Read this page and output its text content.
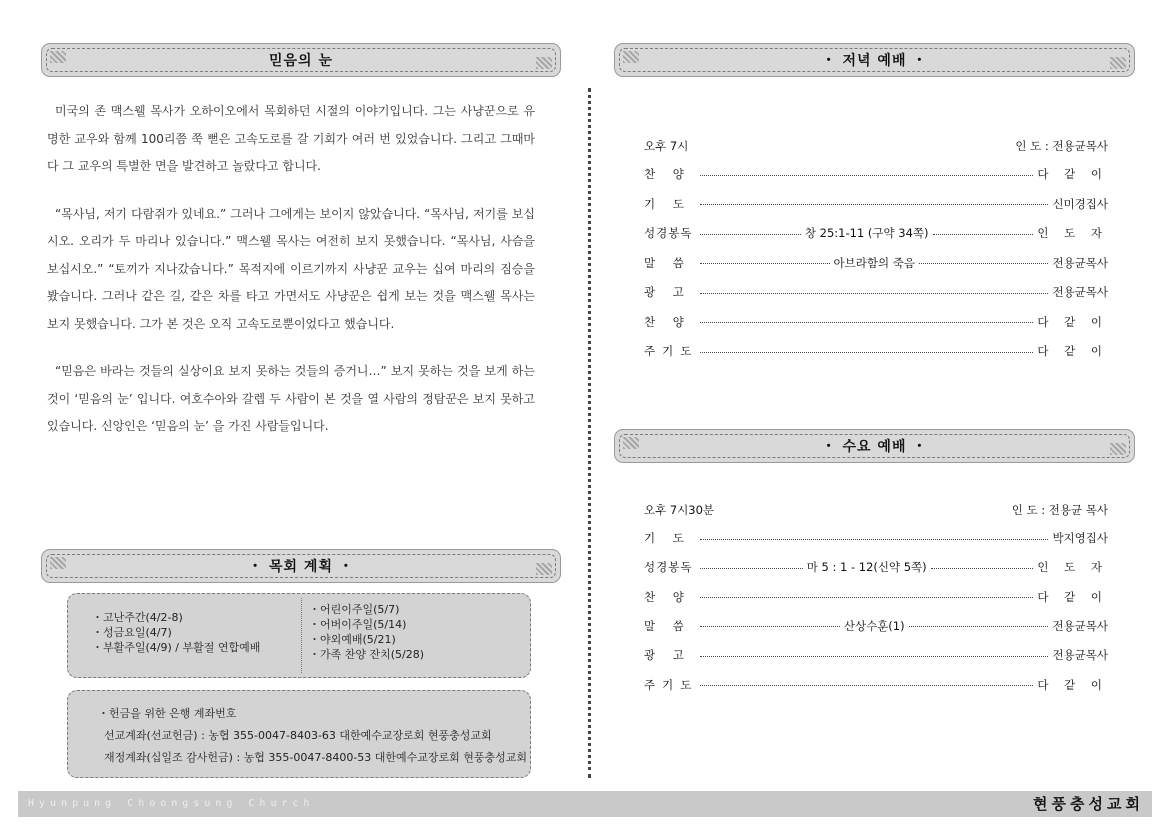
믿음의 눈

미국의 존 맥스웰 목사가 오하이오에서 목회하던 시절의 이야기입니다. 그는 사냥꾼으로 유명한 교우와 함께 100리쯤 쭉 뻗은 고속도로를 갈 기회가 여러 번 있었습니다. 그리고 그때마다 그 교우의 특별한 면을 발견하고 놀랐다고 합니다.

“목사님, 저기 다람쥐가 있네요.” 그러나 그에게는 보이지 않았습니다. “목사님, 저기를 보십시오. 오리가 두 마리나 있습니다.” 맥스웰 목사는 여전히 보지 못했습니다. “목사님, 사슴을 보십시오.” “토끼가 지나갔습니다.” 목적지에 이르기까지 사냥꾼 교우는 십여 마리의 짐승을 봤습니다. 그러나 같은 길, 같은 차를 타고 가면서도 사냥꾼은 쉽게 보는 것을 맥스웰 목사는 보지 못했습니다. 그가 본 것은 오직 고속도로뿐이었다고 했습니다.

“믿음은 바라는 것들의 실상이요 보지 못하는 것들의 증거니…” 보지 못하는 것을 보게 하는 것이 ‘믿음의 눈’ 입니다. 여호수아와 갈렙 두 사람이 본 것을 열 사람의 정탐꾼은 보지 못하고 있습니다. 신앙인은 ‘믿음의 눈’ 을 가진 사람들입니다.

・ 목회 계획 ・
・고난주간(4/2-8)
・성금요일(4/7)
・부활주일(4/9) / 부활절 연합예배
・어린이주일(5/7)
・어버이주일(5/14)
・야외예배(5/21)
・가족 찬양 잔치(5/28)
・헌금을 위한 은행 계좌번호
선교계좌(선교헌금) : 농협 355-0047-8403-63 대한예수교장로회 현풍충성교회
재정계좌(십일조 감사헌금) : 농협 355-0047-8400-53 대한예수교장로회 현풍충성교회
・ 저녁 예배 ・
오후 7시	인 도 : 전용균목사
찬 양	다 같 이
기 도	신미경집사
성경봉독	창 25:1-11 (구약 34쪽)	인 도 자
말 씀	아브라함의 죽음	전용균목사
광 고	전용균목사
찬 양	다 같 이
주기도	다 같 이
・ 수요 예배 ・
오후 7시30분	인 도 : 전용균 목사
기 도	박지영집사
성경봉독	마 5 : 1 - 12(신약 5쪽)	인 도 자
찬 양	다 같 이
말 씀	산상수훈(1)	전용균목사
광 고	전용균목사
주기도	다 같 이
Hyunpung Choongsung Church	현풍충성교회
